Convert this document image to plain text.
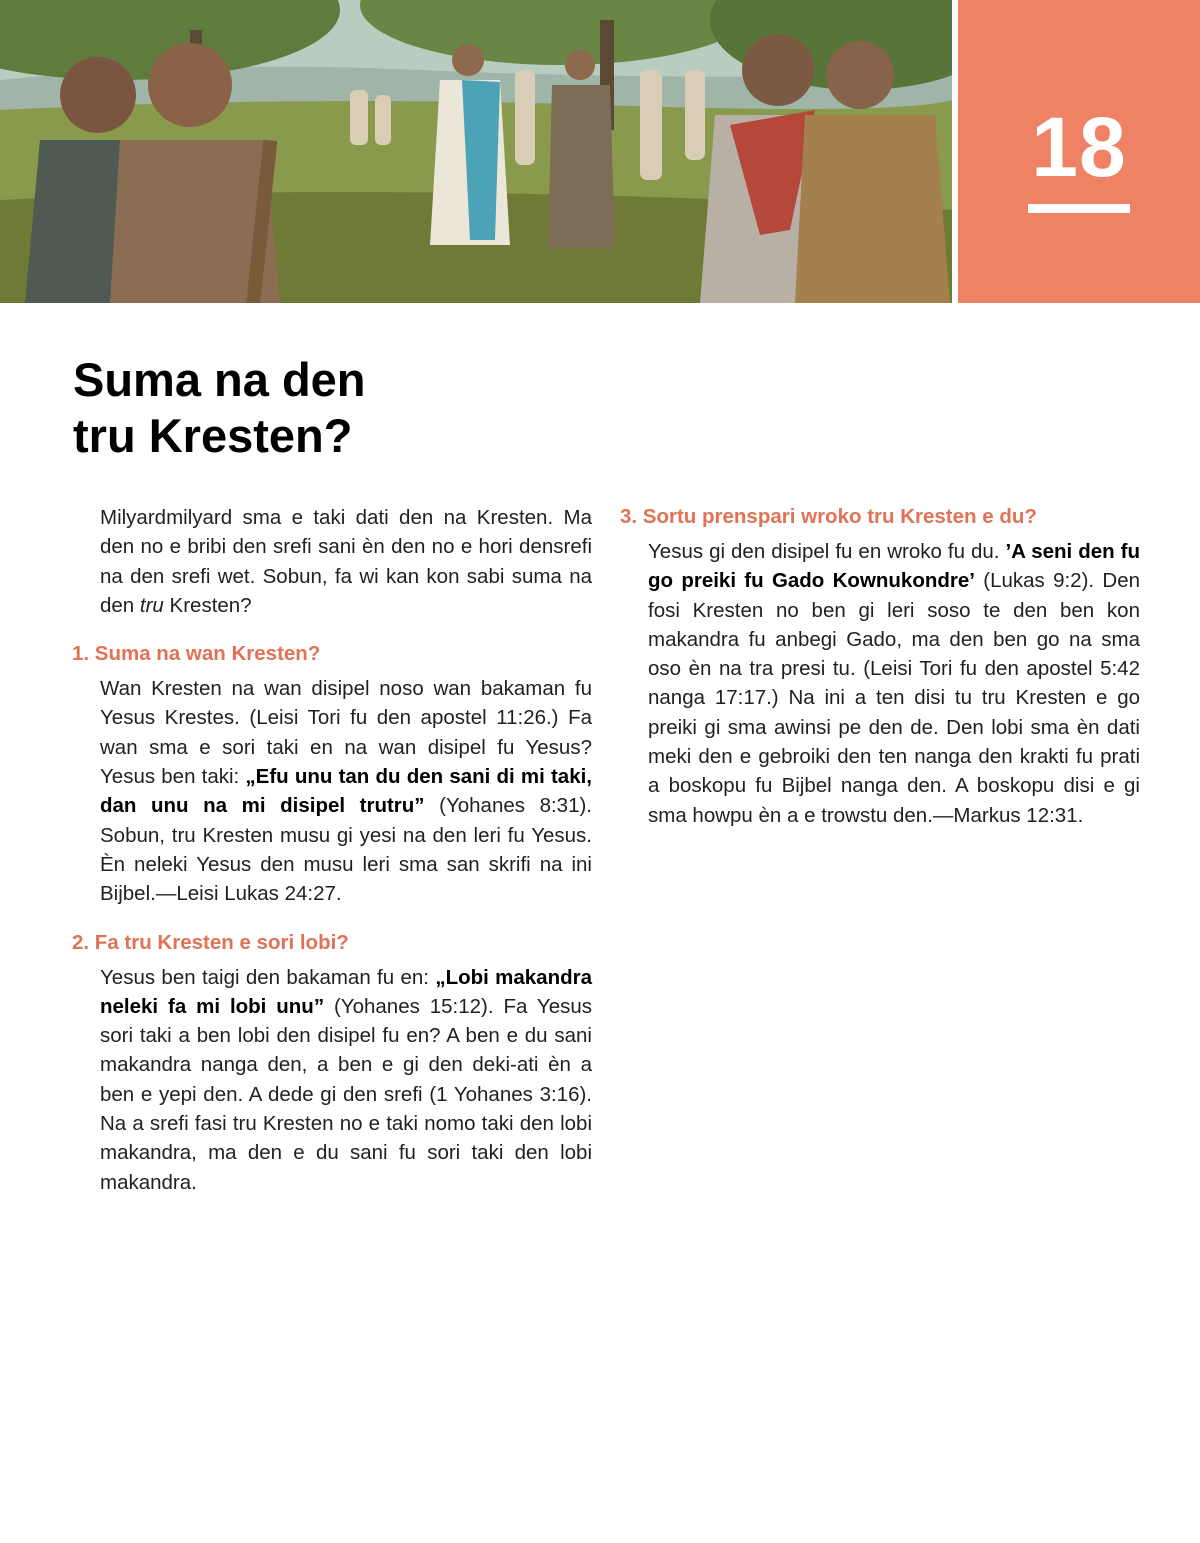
18
Suma na den
tru Kresten?

Milyardmilyard sma e taki dati den na Kresten. Ma den no e bribi den srefi sani èn den no e hori densrefi na den srefi wet. Sobun, fa wi kan kon sabi suma na den tru Kresten?

1. Suma na wan Kresten?

Wan Kresten na wan disipel noso wan bakaman fu Yesus Krestes. (Leisi Tori fu den apostel 11:26.) Fa wan sma e sori taki en na wan disipel fu Yesus? Yesus ben taki: „Efu unu tan du den sani di mi taki, dan unu na mi disipel trutru” (Yohanes 8:31). Sobun, tru Kresten musu gi yesi na den leri fu Yesus. Èn neleki Yesus den musu leri sma san skrifi na ini Bijbel.—Leisi Lukas 24:27.

2. Fa tru Kresten e sori lobi?

Yesus ben taigi den bakaman fu en: „Lobi makandra neleki fa mi lobi unu” (Yohanes 15:12). Fa Yesus sori taki a ben lobi den disipel fu en? A ben e du sani makandra nanga den, a ben e gi den deki-ati èn a ben e yepi den. A dede gi den srefi (1 Yohanes 3:16). Na a srefi fasi tru Kresten no e taki nomo taki den lobi makandra, ma den e du sani fu sori taki den lobi makandra.

3. Sortu prenspari wroko tru Kresten e du?

Yesus gi den disipel fu en wroko fu du. ’A seni den fu go preiki fu Gado Kownukondre’ (Lukas 9:2). Den fosi Kresten no ben gi leri soso te den ben kon makandra fu anbegi Gado, ma den ben go na sma oso èn na tra presi tu. (Leisi Tori fu den apostel 5:42 nanga 17:17.) Na ini a ten disi tu tru Kresten e go preiki gi sma awinsi pe den de. Den lobi sma èn dati meki den e gebroiki den ten nanga den krakti fu prati a boskopu fu Bijbel nanga den. A boskopu disi e gi sma howpu èn a e trowstu den.—Markus 12:31.
